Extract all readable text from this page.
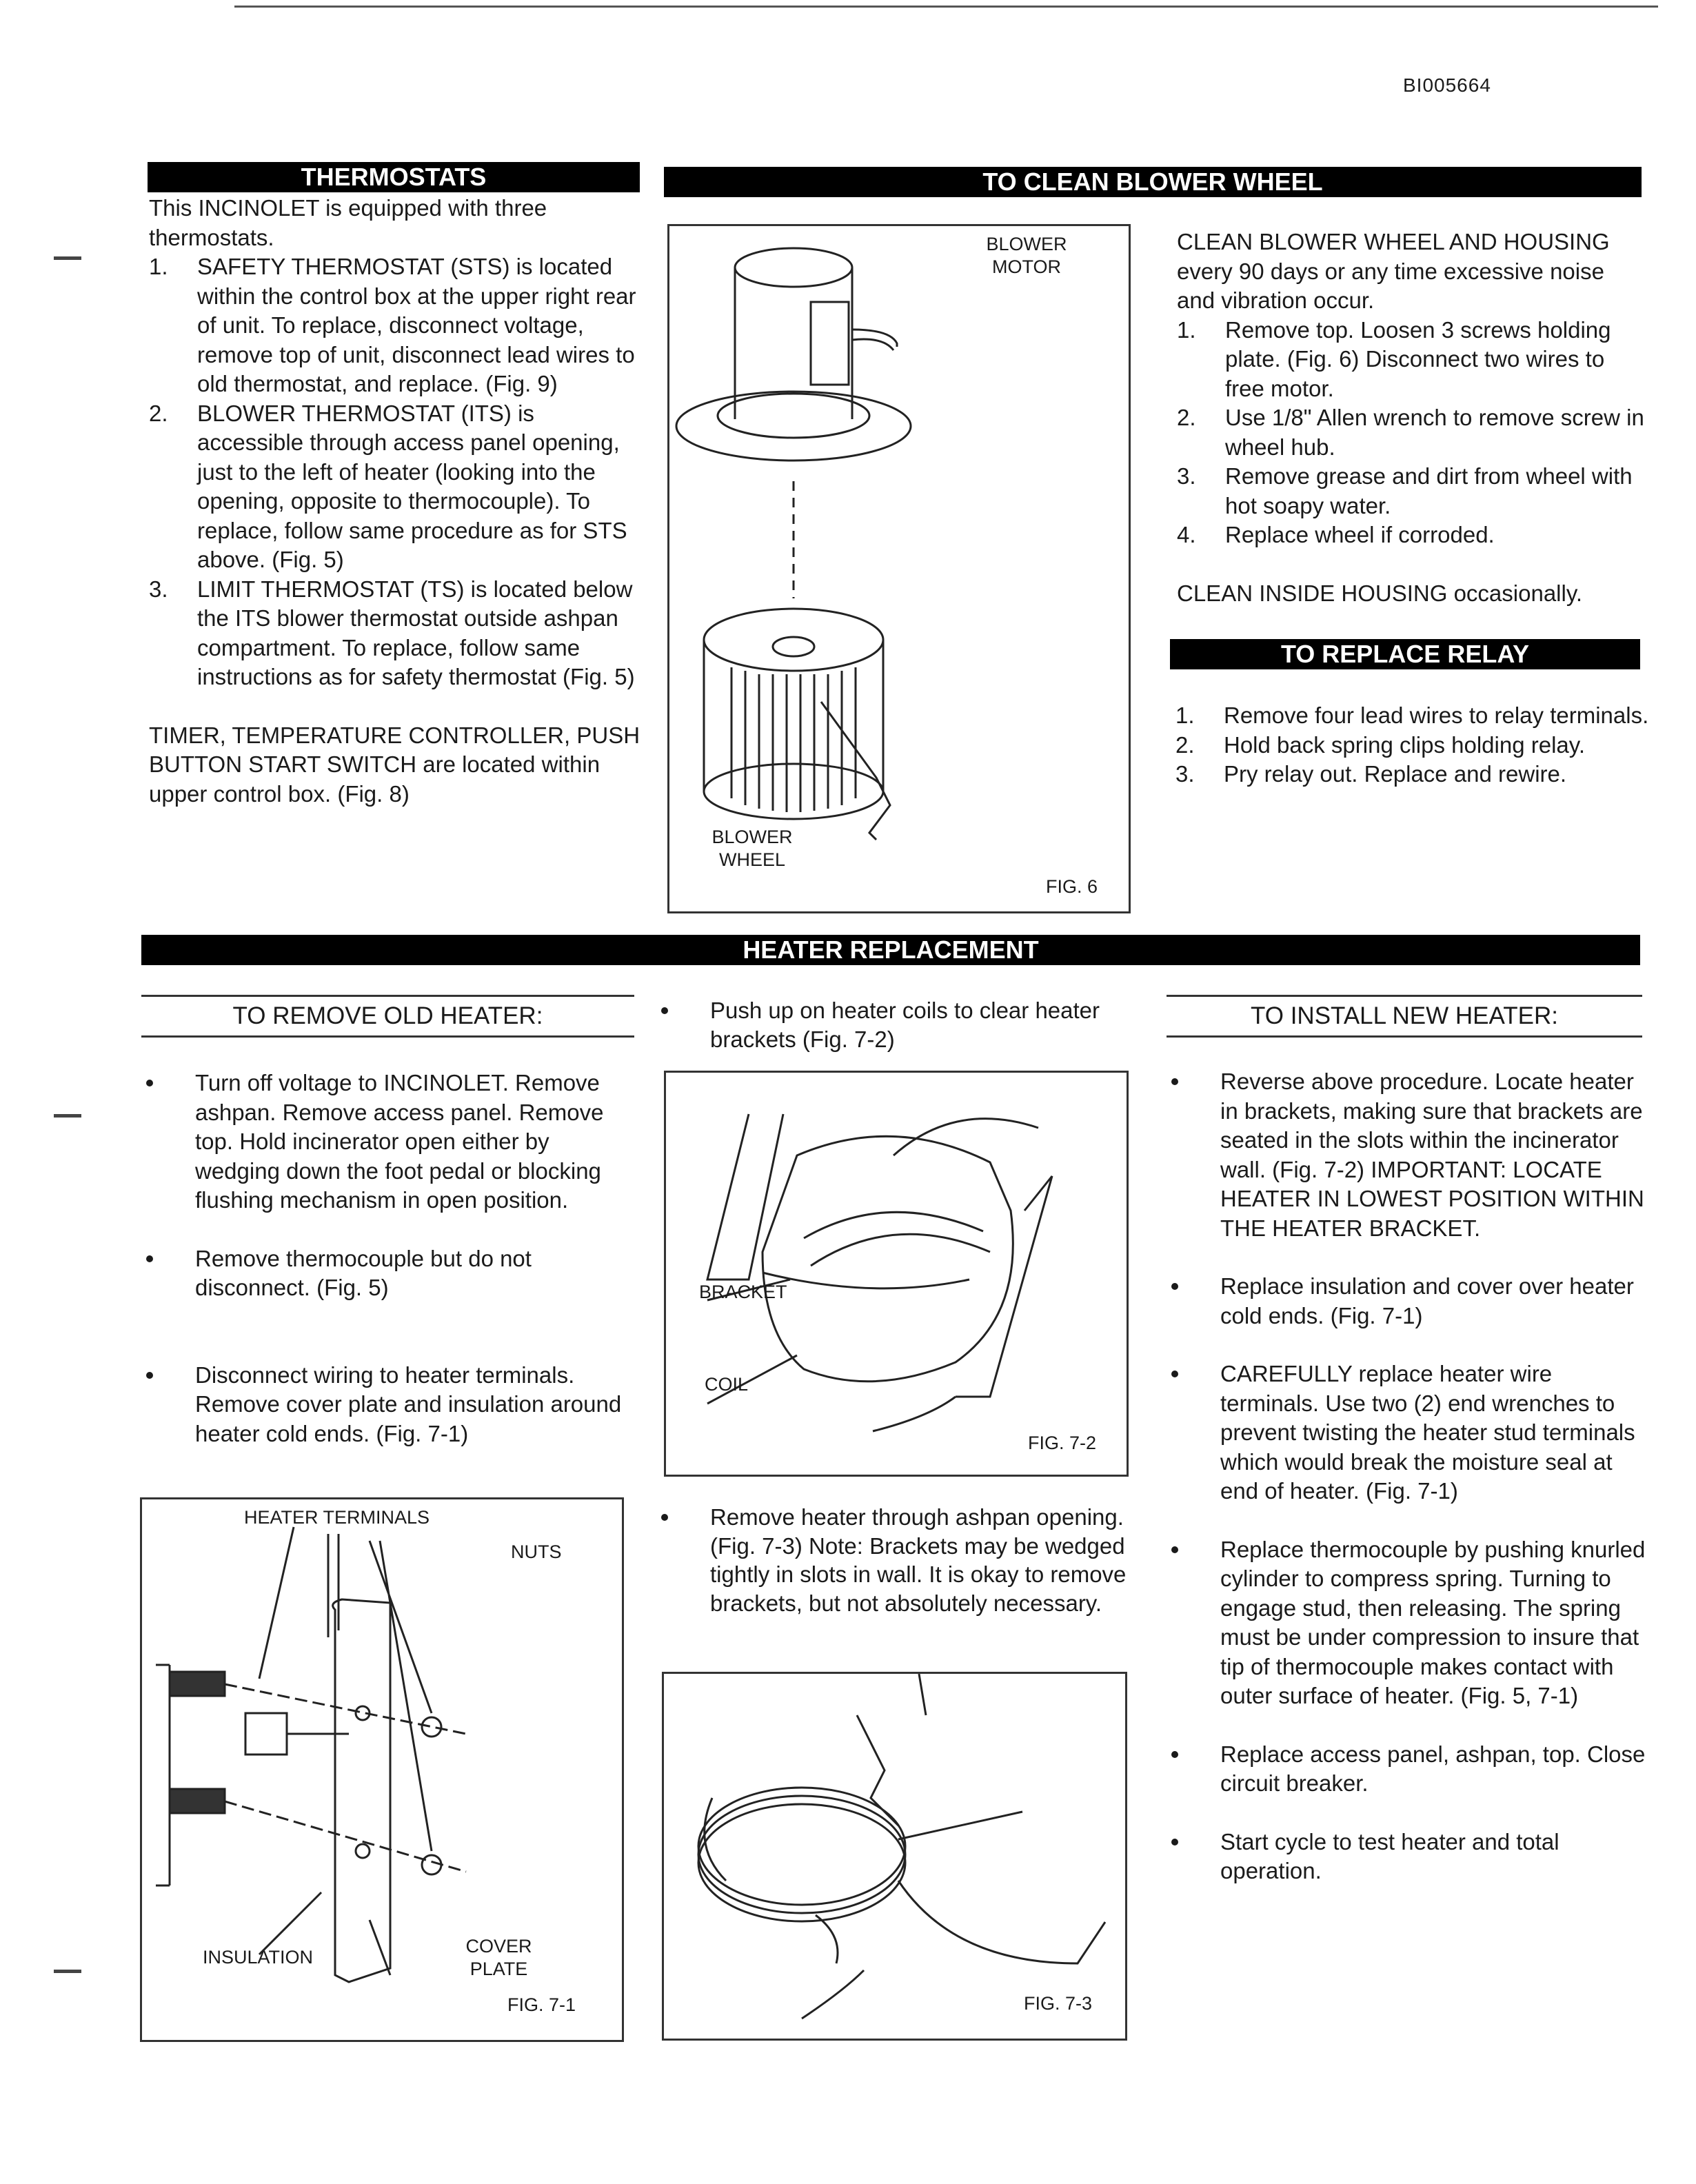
BI005664
THERMOSTATS

This INCINOLET is equipped with three thermostats.

1. SAFETY THERMOSTAT (STS) is located within the control box at the upper right rear of unit. To replace, disconnect voltage, remove top of unit, disconnect lead wires to old thermostat, and replace. (Fig. 9)
2. BLOWER THERMOSTAT (ITS) is accessible through access panel opening, just to the left of heater (looking into the opening, opposite to thermocouple). To replace, follow same procedure as for STS above. (Fig. 5)
3. LIMIT THERMOSTAT (TS) is located below the ITS blower thermostat outside ashpan compartment. To replace, follow same instructions as for safety thermostat (Fig. 5)

TIMER, TEMPERATURE CONTROLLER, PUSH BUTTON START SWITCH are located within upper control box. (Fig. 8)

TO CLEAN BLOWER WHEEL
BLOWER MOTOR
BLOWER WHEEL
FIG. 6

CLEAN BLOWER WHEEL AND HOUSING every 90 days or any time excessive noise and vibration occur.

1. Remove top. Loosen 3 screws holding plate. (Fig. 6) Disconnect two wires to free motor.
2. Use 1/8" Allen wrench to remove screw in wheel hub.
3. Remove grease and dirt from wheel with hot soapy water.
4. Replace wheel if corroded.

CLEAN INSIDE HOUSING occasionally.

TO REPLACE RELAY
1. Remove four lead wires to relay terminals.
2. Hold back spring clips holding relay.
3. Pry relay out. Replace and rewire.
HEATER REPLACEMENT
TO REMOVE OLD HEATER:
Turn off voltage to INCINOLET. Remove ashpan. Remove access panel. Remove top. Hold incinerator open either by wedging down the foot pedal or blocking flushing mechanism in open position.
Remove thermocouple but do not disconnect. (Fig. 5)
Disconnect wiring to heater terminals. Remove cover plate and insulation around heater cold ends. (Fig. 7-1)
HEATER TERMINALS
NUTS
INSULATION
COVER PLATE
FIG. 7-1
Push up on heater coils to clear heater brackets (Fig. 7-2)
BRACKET
COIL
FIG. 7-2
Remove heater through ashpan opening. (Fig. 7-3) Note: Brackets may be wedged tightly in slots in wall. It is okay to remove brackets, but not absolutely necessary.
FIG. 7-3
TO INSTALL NEW HEATER:
Reverse above procedure. Locate heater in brackets, making sure that brackets are seated in the slots within the incinerator wall. (Fig. 7-2) IMPORTANT: LOCATE HEATER IN LOWEST POSITION WITHIN THE HEATER BRACKET.
Replace insulation and cover over heater cold ends. (Fig. 7-1)
CAREFULLY replace heater wire terminals. Use two (2) end wrenches to prevent twisting the heater stud terminals which would break the moisture seal at end of heater. (Fig. 7-1)
Replace thermocouple by pushing knurled cylinder to compress spring. Turning to engage stud, then releasing. The spring must be under compression to insure that tip of thermocouple makes contact with outer surface of heater. (Fig. 5, 7-1)
Replace access panel, ashpan, top. Close circuit breaker.
Start cycle to test heater and total operation.
